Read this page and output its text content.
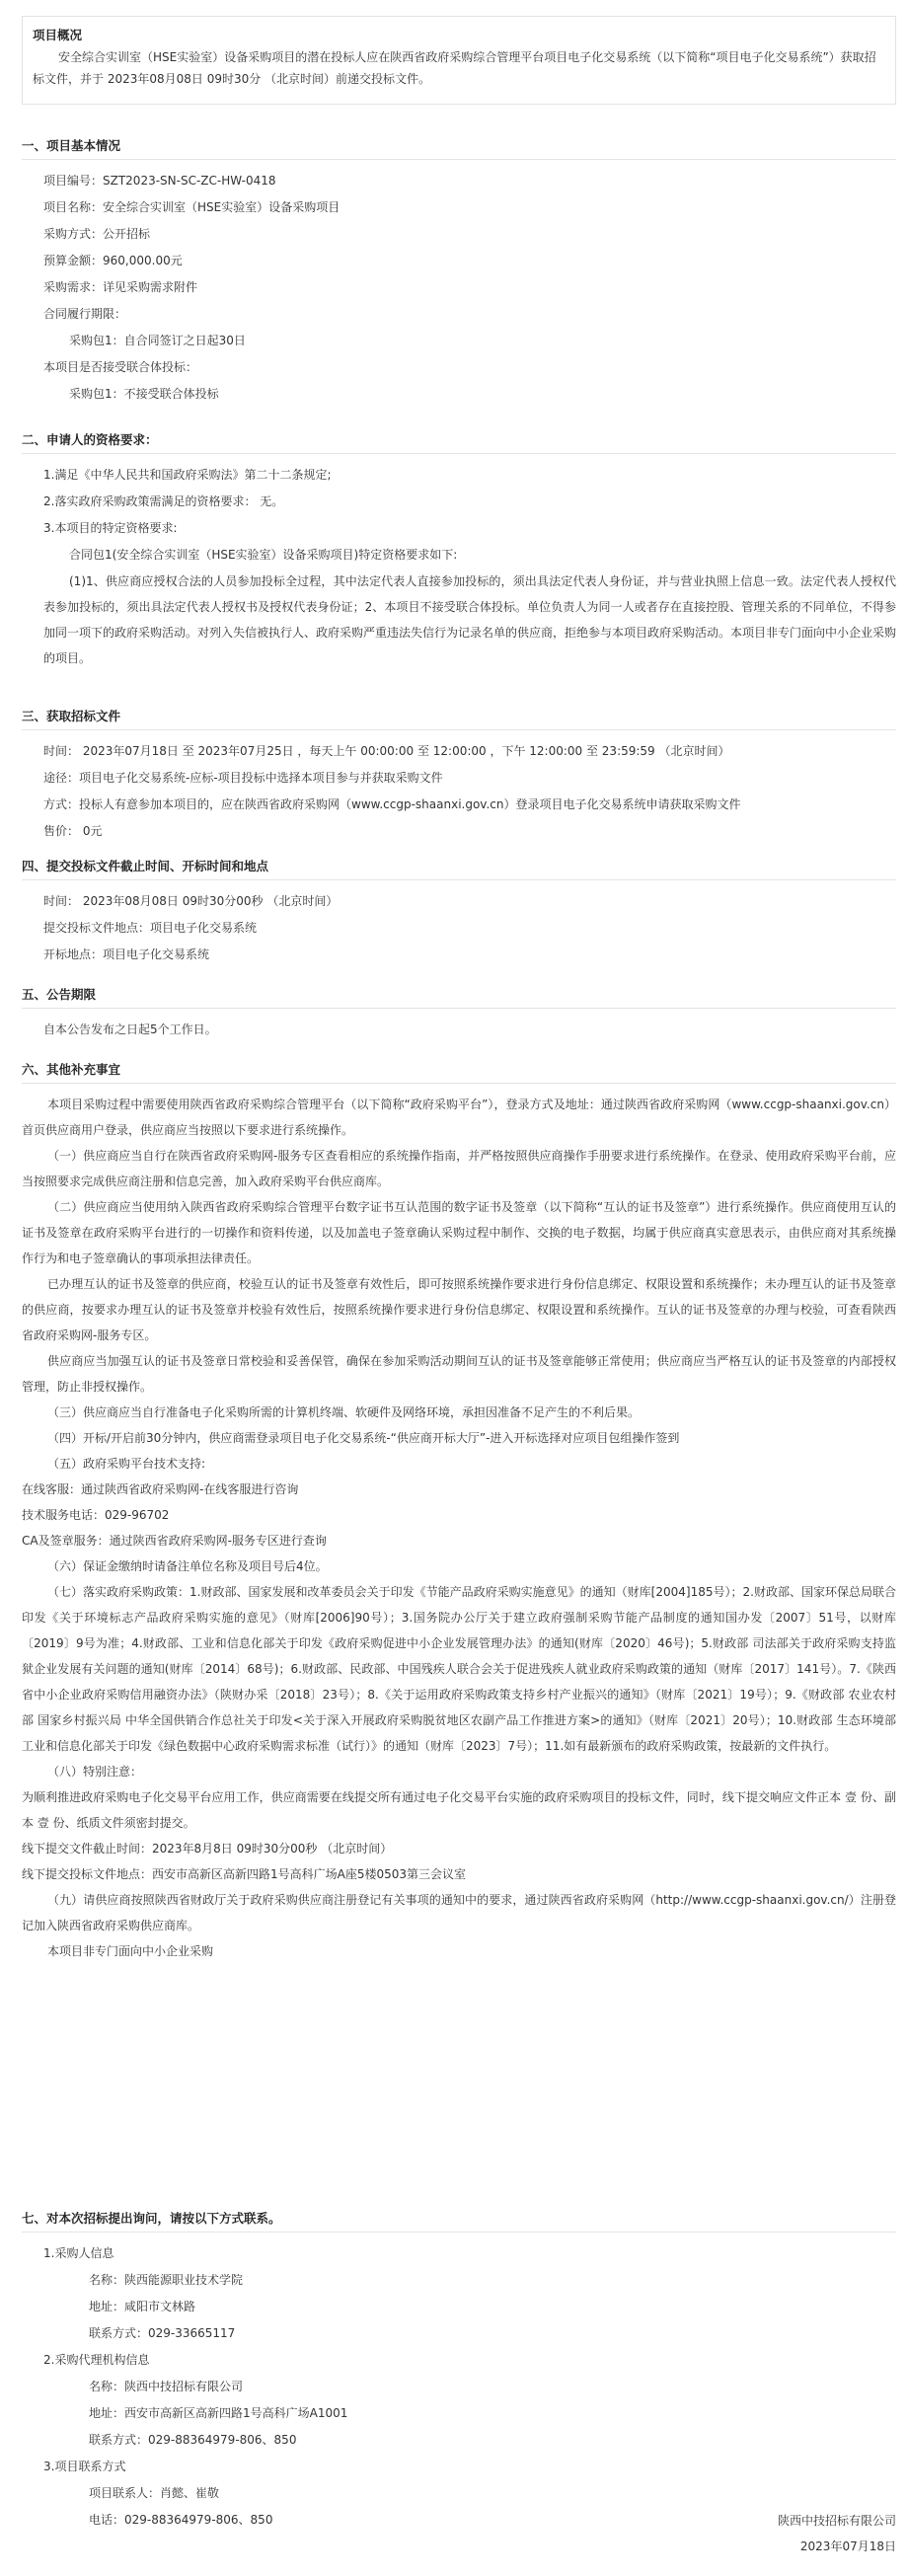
项目概况
安全综合实训室（HSE实验室）设备采购项目的潜在投标人应在陕西省政府采购综合管理平台项目电子化交易系统（以下简称“项目电子化交易系统”）获取招标文件，并于 2023年08月08日 09时30分 （北京时间）前递交投标文件。
一、项目基本情况
项目编号：SZT2023-SN-SC-ZC-HW-0418
项目名称：安全综合实训室（HSE实验室）设备采购项目
采购方式：公开招标
预算金额：960,000.00元
采购需求：详见采购需求附件
合同履行期限：
采购包1：自合同签订之日起30日
本项目是否接受联合体投标：
采购包1：不接受联合体投标
二、申请人的资格要求：
1.满足《中华人民共和国政府采购法》第二十二条规定;
2.落实政府采购政策需满足的资格要求： 无。
3.本项目的特定资格要求:
合同包1(安全综合实训室（HSE实验室）设备采购项目)特定资格要求如下:
(1)1、供应商应授权合法的人员参加投标全过程，其中法定代表人直接参加投标的，须出具法定代表人身份证，并与营业执照上信息一致。法定代表人授权代表参加投标的，须出具法定代表人授权书及授权代表身份证；2、本项目不接受联合体投标。单位负责人为同一人或者存在直接控股、管理关系的不同单位，不得参加同一项下的政府采购活动。对列入失信被执行人、政府采购严重违法失信行为记录名单的供应商，拒绝参与本项目政府采购活动。本项目非专门面向中小企业采购的项目。
三、获取招标文件
时间： 2023年07月18日 至 2023年07月25日 ，每天上午 00:00:00 至 12:00:00 ，下午 12:00:00 至 23:59:59 （北京时间）
途径：项目电子化交易系统-应标-项目投标中选择本项目参与并获取采购文件
方式：投标人有意参加本项目的，应在陕西省政府采购网（www.ccgp-shaanxi.gov.cn）登录项目电子化交易系统申请获取采购文件
售价： 0元
四、提交投标文件截止时间、开标时间和地点
时间： 2023年08月08日 09时30分00秒 （北京时间）
提交投标文件地点：项目电子化交易系统
开标地点：项目电子化交易系统
五、公告期限
自本公告发布之日起5个工作日。
六、其他补充事宜
本项目采购过程中需要使用陕西省政府采购综合管理平台（以下简称“政府采购平台”），登录方式及地址：通过陕西省政府采购网（www.ccgp-shaanxi.gov.cn）首页供应商用户登录，供应商应当按照以下要求进行系统操作。
（一）供应商应当自行在陕西省政府采购网-服务专区查看相应的系统操作指南，并严格按照供应商操作手册要求进行系统操作。在登录、使用政府采购平台前，应当按照要求完成供应商注册和信息完善，加入政府采购平台供应商库。
（二）供应商应当使用纳入陕西省政府采购综合管理平台数字证书互认范围的数字证书及签章（以下简称“互认的证书及签章”）进行系统操作。供应商使用互认的证书及签章在政府采购平台进行的一切操作和资料传递，以及加盖电子签章确认采购过程中制作、交换的电子数据，均属于供应商真实意思表示，由供应商对其系统操作行为和电子签章确认的事项承担法律责任。
已办理互认的证书及签章的供应商，校验互认的证书及签章有效性后，即可按照系统操作要求进行身份信息绑定、权限设置和系统操作；未办理互认的证书及签章的供应商，按要求办理互认的证书及签章并校验有效性后，按照系统操作要求进行身份信息绑定、权限设置和系统操作。互认的证书及签章的办理与校验，可查看陕西省政府采购网-服务专区。
供应商应当加强互认的证书及签章日常校验和妥善保管，确保在参加采购活动期间互认的证书及签章能够正常使用；供应商应当严格互认的证书及签章的内部授权管理，防止非授权操作。
（三）供应商应当自行准备电子化采购所需的计算机终端、软硬件及网络环境，承担因准备不足产生的不利后果。
（四）开标/开启前30分钟内，供应商需登录项目电子化交易系统-“供应商开标大厅”-进入开标选择对应项目包组操作签到
（五）政府采购平台技术支持:
在线客服：通过陕西省政府采购网-在线客服进行咨询
技术服务电话：029-96702
CA及签章服务：通过陕西省政府采购网-服务专区进行查询
（六）保证金缴纳时请备注单位名称及项目号后4位。
（七）落实政府采购政策：1.财政部、国家发展和改革委员会关于印发《节能产品政府采购实施意见》的通知（财库[2004]185号）；2.财政部、国家环保总局联合印发《关于环境标志产品政府采购实施的意见》（财库[2006]90号）；3.国务院办公厅关于建立政府强制采购节能产品制度的通知国办发〔2007〕51号，以财库〔2019〕9号为准；4.财政部、工业和信息化部关于印发《政府采购促进中小企业发展管理办法》的通知(财库〔2020〕46号)；5.财政部 司法部关于政府采购支持监狱企业发展有关问题的通知(财库〔2014〕68号)；6.财政部、民政部、中国残疾人联合会关于促进残疾人就业政府采购政策的通知（财库〔2017〕141号）。7.《陕西省中小企业政府采购信用融资办法》（陕财办采〔2018〕23号）；8.《关于运用政府采购政策支持乡村产业振兴的通知》（财库〔2021〕19号）；9.《财政部 农业农村部 国家乡村振兴局 中华全国供销合作总社关于印发<关于深入开展政府采购脱贫地区农副产品工作推进方案>的通知》（财库〔2021〕20号）；10.财政部 生态环境部 工业和信息化部关于印发《绿色数据中心政府采购需求标准（试行）》的通知（财库〔2023〕7号）；11.如有最新颁布的政府采购政策，按最新的文件执行。
（八）特别注意：
为顺利推进政府采购电子化交易平台应用工作，供应商需要在线提交所有通过电子化交易平台实施的政府采购项目的投标文件，同时，线下提交响应文件正本 壹 份、副本 壹 份、纸质文件须密封提交。
线下提交文件截止时间：2023年8月8日 09时30分00秒 （北京时间）
线下提交投标文件地点：西安市高新区高新四路1号高科广场A座5楼0503第三会议室
（九）请供应商按照陕西省财政厅关于政府采购供应商注册登记有关事项的通知中的要求，通过陕西省政府采购网（http://www.ccgp-shaanxi.gov.cn/）注册登记加入陕西省政府采购供应商库。
本项目非专门面向中小企业采购
七、对本次招标提出询问，请按以下方式联系。
1.采购人信息
名称：陕西能源职业技术学院
地址：咸阳市文林路
联系方式：029-33665117
2.采购代理机构信息
名称：陕西中技招标有限公司
地址：西安市高新区高新四路1号高科广场A1001
联系方式：029-88364979-806、850
3.项目联系方式
项目联系人：肖懿、崔敬
电话：029-88364979-806、850	陕西中技招标有限公司
2023年07月18日
